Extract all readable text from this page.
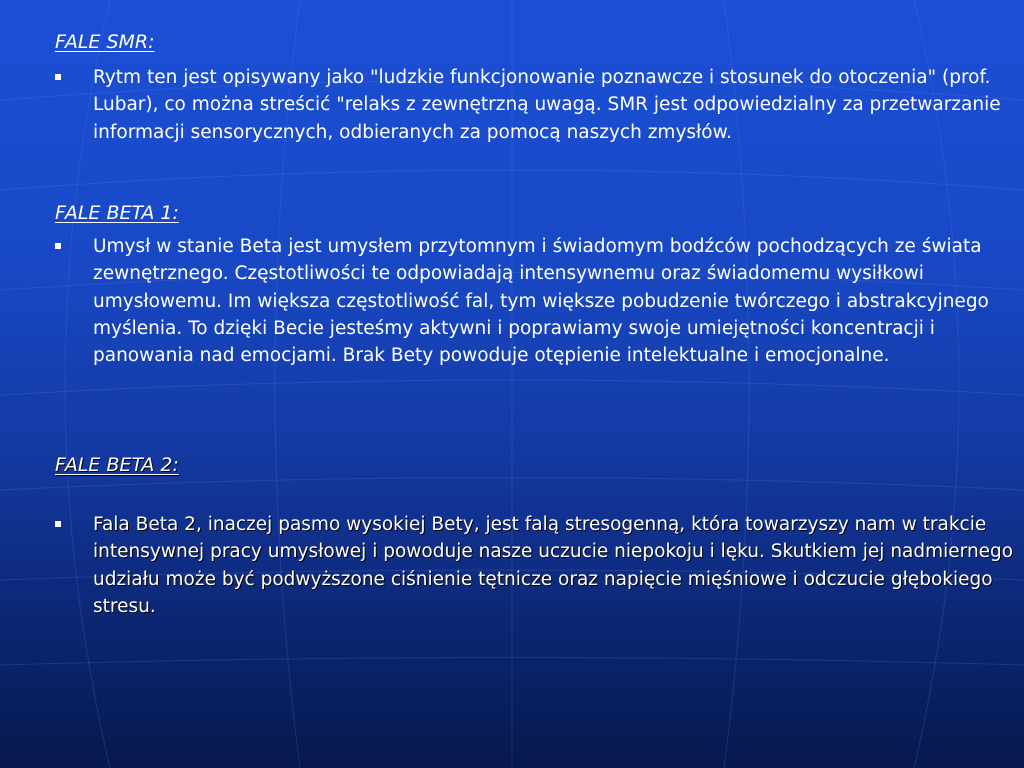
FALE SMR:

Rytm ten jest opisywany jako "ludzkie funkcjonowanie poznawcze i stosunek do otoczenia" (prof. Lubar), co można streścić "relaks z zewnętrzną uwagą. SMR jest odpowiedzialny za przetwarzanie informacji sensorycznych, odbieranych za pomocą naszych zmysłów.

FALE BETA 1:

Umysł w stanie Beta jest umysłem przytomnym i świadomym bodźców pochodzących ze świata zewnętrznego. Częstotliwości te odpowiadają intensywnemu oraz świadomemu wysiłkowi umysłowemu. Im większa częstotliwość fal, tym większe pobudzenie twórczego i abstrakcyjnego myślenia. To dzięki Becie jesteśmy aktywni i poprawiamy swoje umiejętności koncentracji i panowania nad emocjami. Brak Bety powoduje otępienie intelektualne i emocjonalne.

FALE BETA 2:

Fala Beta 2, inaczej pasmo wysokiej Bety, jest falą stresogenną, która towarzyszy nam w trakcie intensywnej pracy umysłowej i powoduje nasze uczucie niepokoju i lęku. Skutkiem jej nadmiernego udziału może być podwyższone ciśnienie tętnicze oraz napięcie mięśniowe i odczucie głębokiego stresu.
